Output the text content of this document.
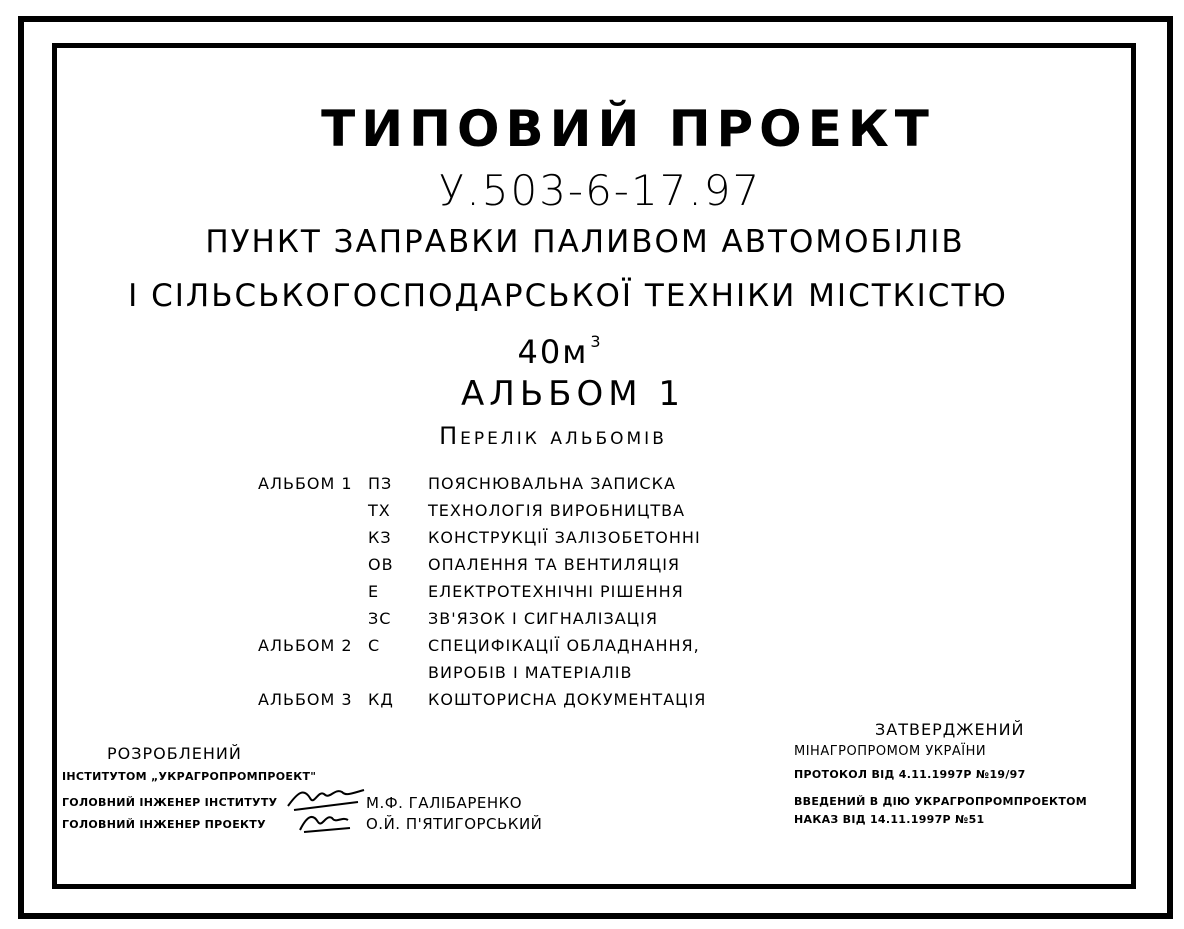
ТИПОВИЙ ПРОЕКТ
У.503-6-17.97
ПУНКТ ЗАПРАВКИ ПАЛИВОМ АВТОМОБІЛІВ
І СІЛЬСЬКОГОСПОДАРСЬКОЇ ТЕХНІКИ МІСТКІСТЮ
40м $^3$
АЛЬБОМ 1
Перелік альбомів
АЛЬБОМ 1 ПЗ ПОЯСНЮВАЛЬНА ЗАПИСКА
ТХ ТЕХНОЛОГІЯ ВИРОБНИЦТВА
КЗ КОНСТРУКЦІЇ ЗАЛІЗОБЕТОННІ
ОВ ОПАЛЕННЯ ТА ВЕНТИЛЯЦІЯ
Е	ЕЛЕКТРОТЕХНІЧНІ РІШЕННЯ
ЗС ЗВ'ЯЗОК І СИГНАЛІЗАЦІЯ
АЛЬБОМ 2 С	СПЕЦИФІКАЦІЇ ОБЛАДНАННЯ,
ВИРОБІВ І МАТЕРІАЛІВ
АЛЬБОМ 3 КД КОШТОРИСНА ДОКУМЕНТАЦІЯ
РОЗРОБЛЕНИЙ
ІНСТИТУТОМ „УКРАГРОПРОМПРОЕКТ"
ГОЛОВНИЙ ІНЖЕНЕР ІНСТИТУТУ	М.Ф. ГАЛІБАРЕНКО
ГОЛОВНИЙ ІНЖЕНЕР ПРОЕКТУ	О.Й. П'ЯТИГОРСЬКИЙ
ЗАТВЕРДЖЕНИЙ
МІНАГРОПРОМОМ УКРАЇНИ
ПРОТОКОЛ ВІД 4.11.1997Р №19/97
ВВЕДЕНИЙ В ДІЮ УКРАГРОПРОМПРОЕКТОМ
НАКАЗ ВІД 14.11.1997Р №51
